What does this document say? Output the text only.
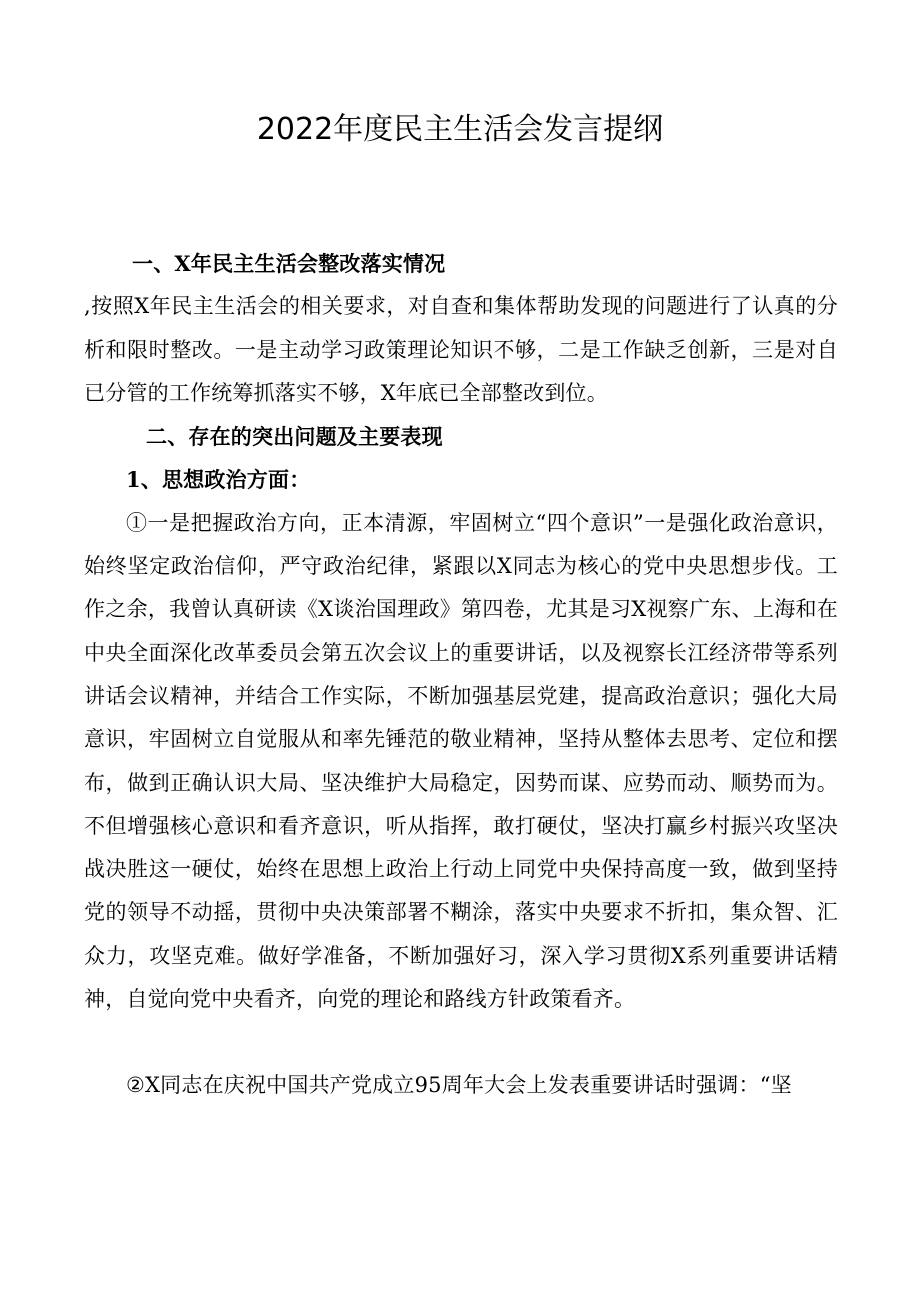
2022年度民主生活会发言提纲

一、X年民主生活会整改落实情况

,按照X年民主生活会的相关要求，对自查和集体帮助发现的问题进行了认真的分析和限时整改。一是主动学习政策理论知识不够，二是工作缺乏创新，三是对自已分管的工作统筹抓落实不够，X年底已全部整改到位。

二、存在的突出问题及主要表现

1、思想政治方面：

①一是把握政治方向，正本清源，牢固树立“四个意识”一是强化政治意识，始终坚定政治信仰，严守政治纪律，紧跟以X同志为核心的党中央思想步伐。工作之余，我曾认真研读《X谈治国理政》第四卷，尤其是习X视察广东、上海和在中央全面深化改革委员会第五次会议上的重要讲话，以及视察长江经济带等系列讲话会议精神，并结合工作实际，不断加强基层党建，提高政治意识；强化大局意识，牢固树立自觉服从和率先锤范的敬业精神，坚持从整体去思考、定位和摆布，做到正确认识大局、坚决维护大局稳定，因势而谋、应势而动、顺势而为。不但增强核心意识和看齐意识，听从指挥，敢打硬仗，坚决打赢乡村振兴攻坚决战决胜这一硬仗，始终在思想上政治上行动上同党中央保持高度一致，做到坚持党的领导不动摇，贯彻中央决策部署不糊涂，落实中央要求不折扣，集众智、汇众力，攻坚克难。做好学准备，不断加强好习，深入学习贯彻X系列重要讲话精神，自觉向党中央看齐，向党的理论和路线方针政策看齐。

②X同志在庆祝中国共产党成立95周年大会上发表重要讲话时强调：“坚
